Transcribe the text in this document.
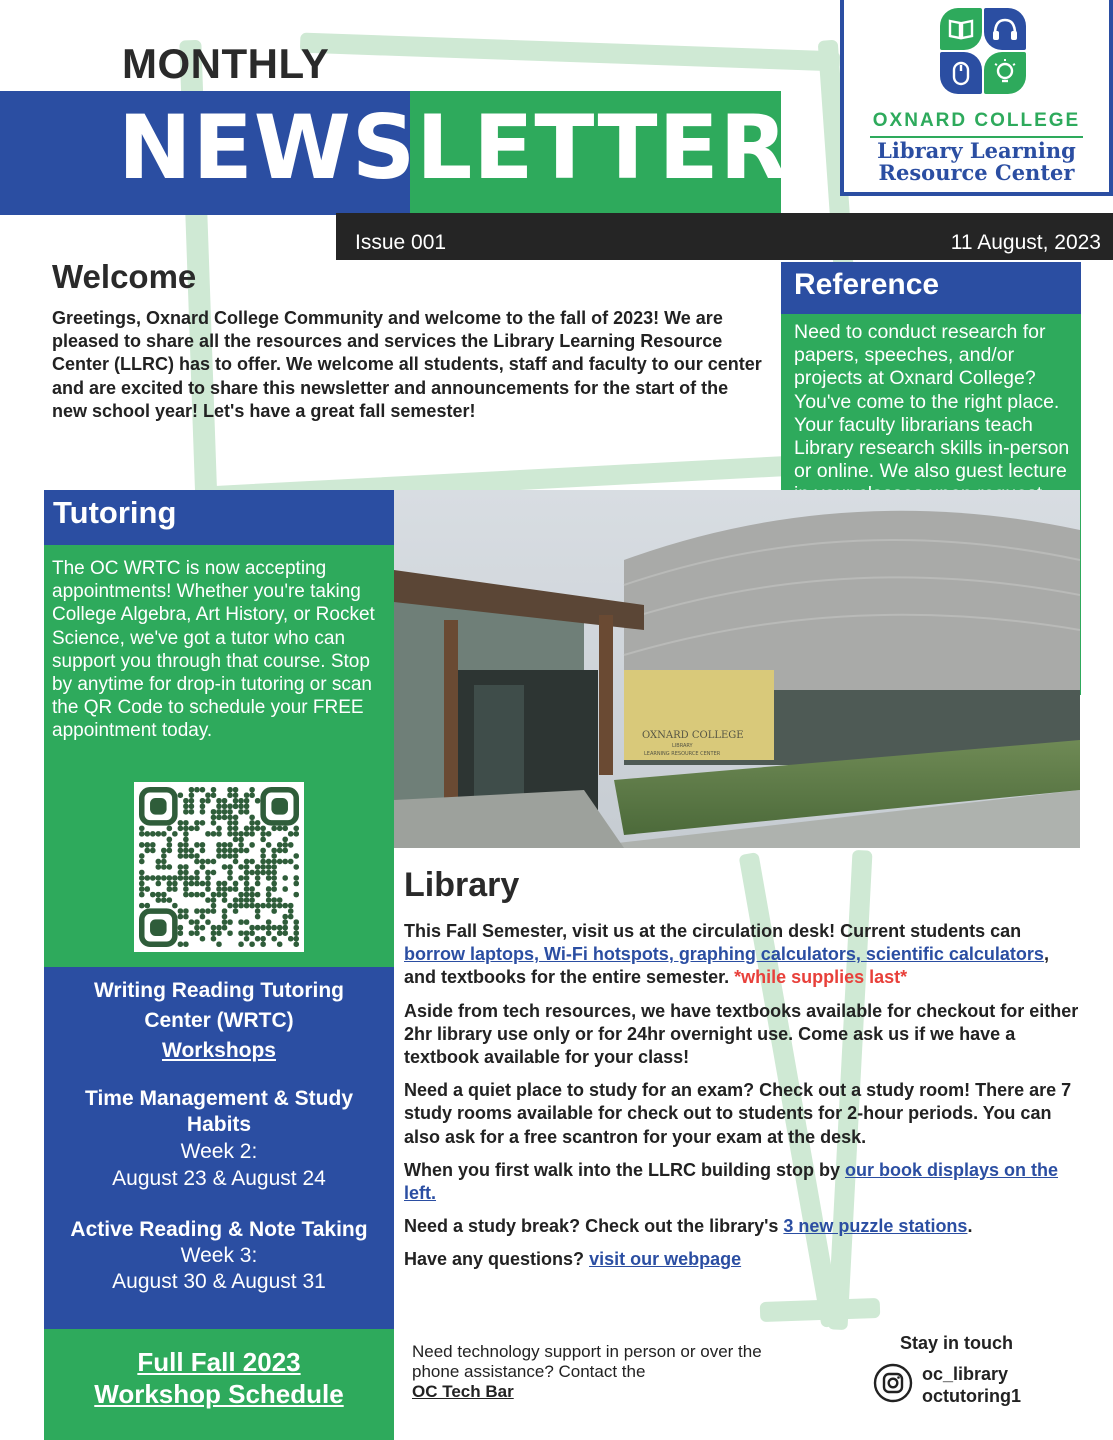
MONTHLY
NEWSLETTER
Issue 001	11 August, 2023
OXNARD COLLEGE
Library Learning
Resource Center
Welcome
Greetings, Oxnard College Community and welcome to the fall of 2023! We are pleased to share all the resources and services the Library Learning Resource Center (LLRC) has to offer. We welcome all students, staff and faculty to our center and are excited to share this newsletter and announcements for the start of the new school year! Let's have a great fall semester!
Reference

Need to conduct research for papers, speeches, and/or projects at Oxnard College? You've come to the right place. Your faculty librarians teach Library research skills in-person or online. We also guest lecture

Tutoring
The OC WRTC is now accepting appointments! Whether you're taking College Algebra, Art History, or Rocket Science, we've got a tutor who can support you through that course. Stop by anytime for drop-in tutoring or scan the QR Code to schedule your FREE appointment today.
Writing Reading Tutoring
Center (WRTC)
Workshops
Time Management & Study
Habits
Week 2:
August 23 & August 24
Active Reading & Note Taking
Week 3:
August 30 & August 31
Full Fall 2023
Workshop Schedule
OXNARD COLLEGE
LIBRARY
LEARNING RESOURCE CENTER
Library

This Fall Semester, visit us at the circulation desk! Current students can borrow laptops, Wi-Fi hotspots, graphing calculators, scientific calculators, and textbooks for the entire semester. *while supplies last*

Aside from tech resources, we have textbooks available for checkout for either 2hr library use only or for 24hr overnight use. Come ask us if we have a textbook available for your class!

Need a quiet place to study for an exam? Check out a study room! There are 7 study rooms available for check out to students for 2-hour periods. You can also ask for a free scantron for your exam at the desk.

When you first walk into the LLRC building stop by our book displays on the left.

Need a study break? Check out the library's 3 new puzzle stations.

Have any questions? visit our webpage

Need technology support in person or over the phone assistance? Contact the
OC Tech Bar
Stay in touch
oc_library
octutoring1
